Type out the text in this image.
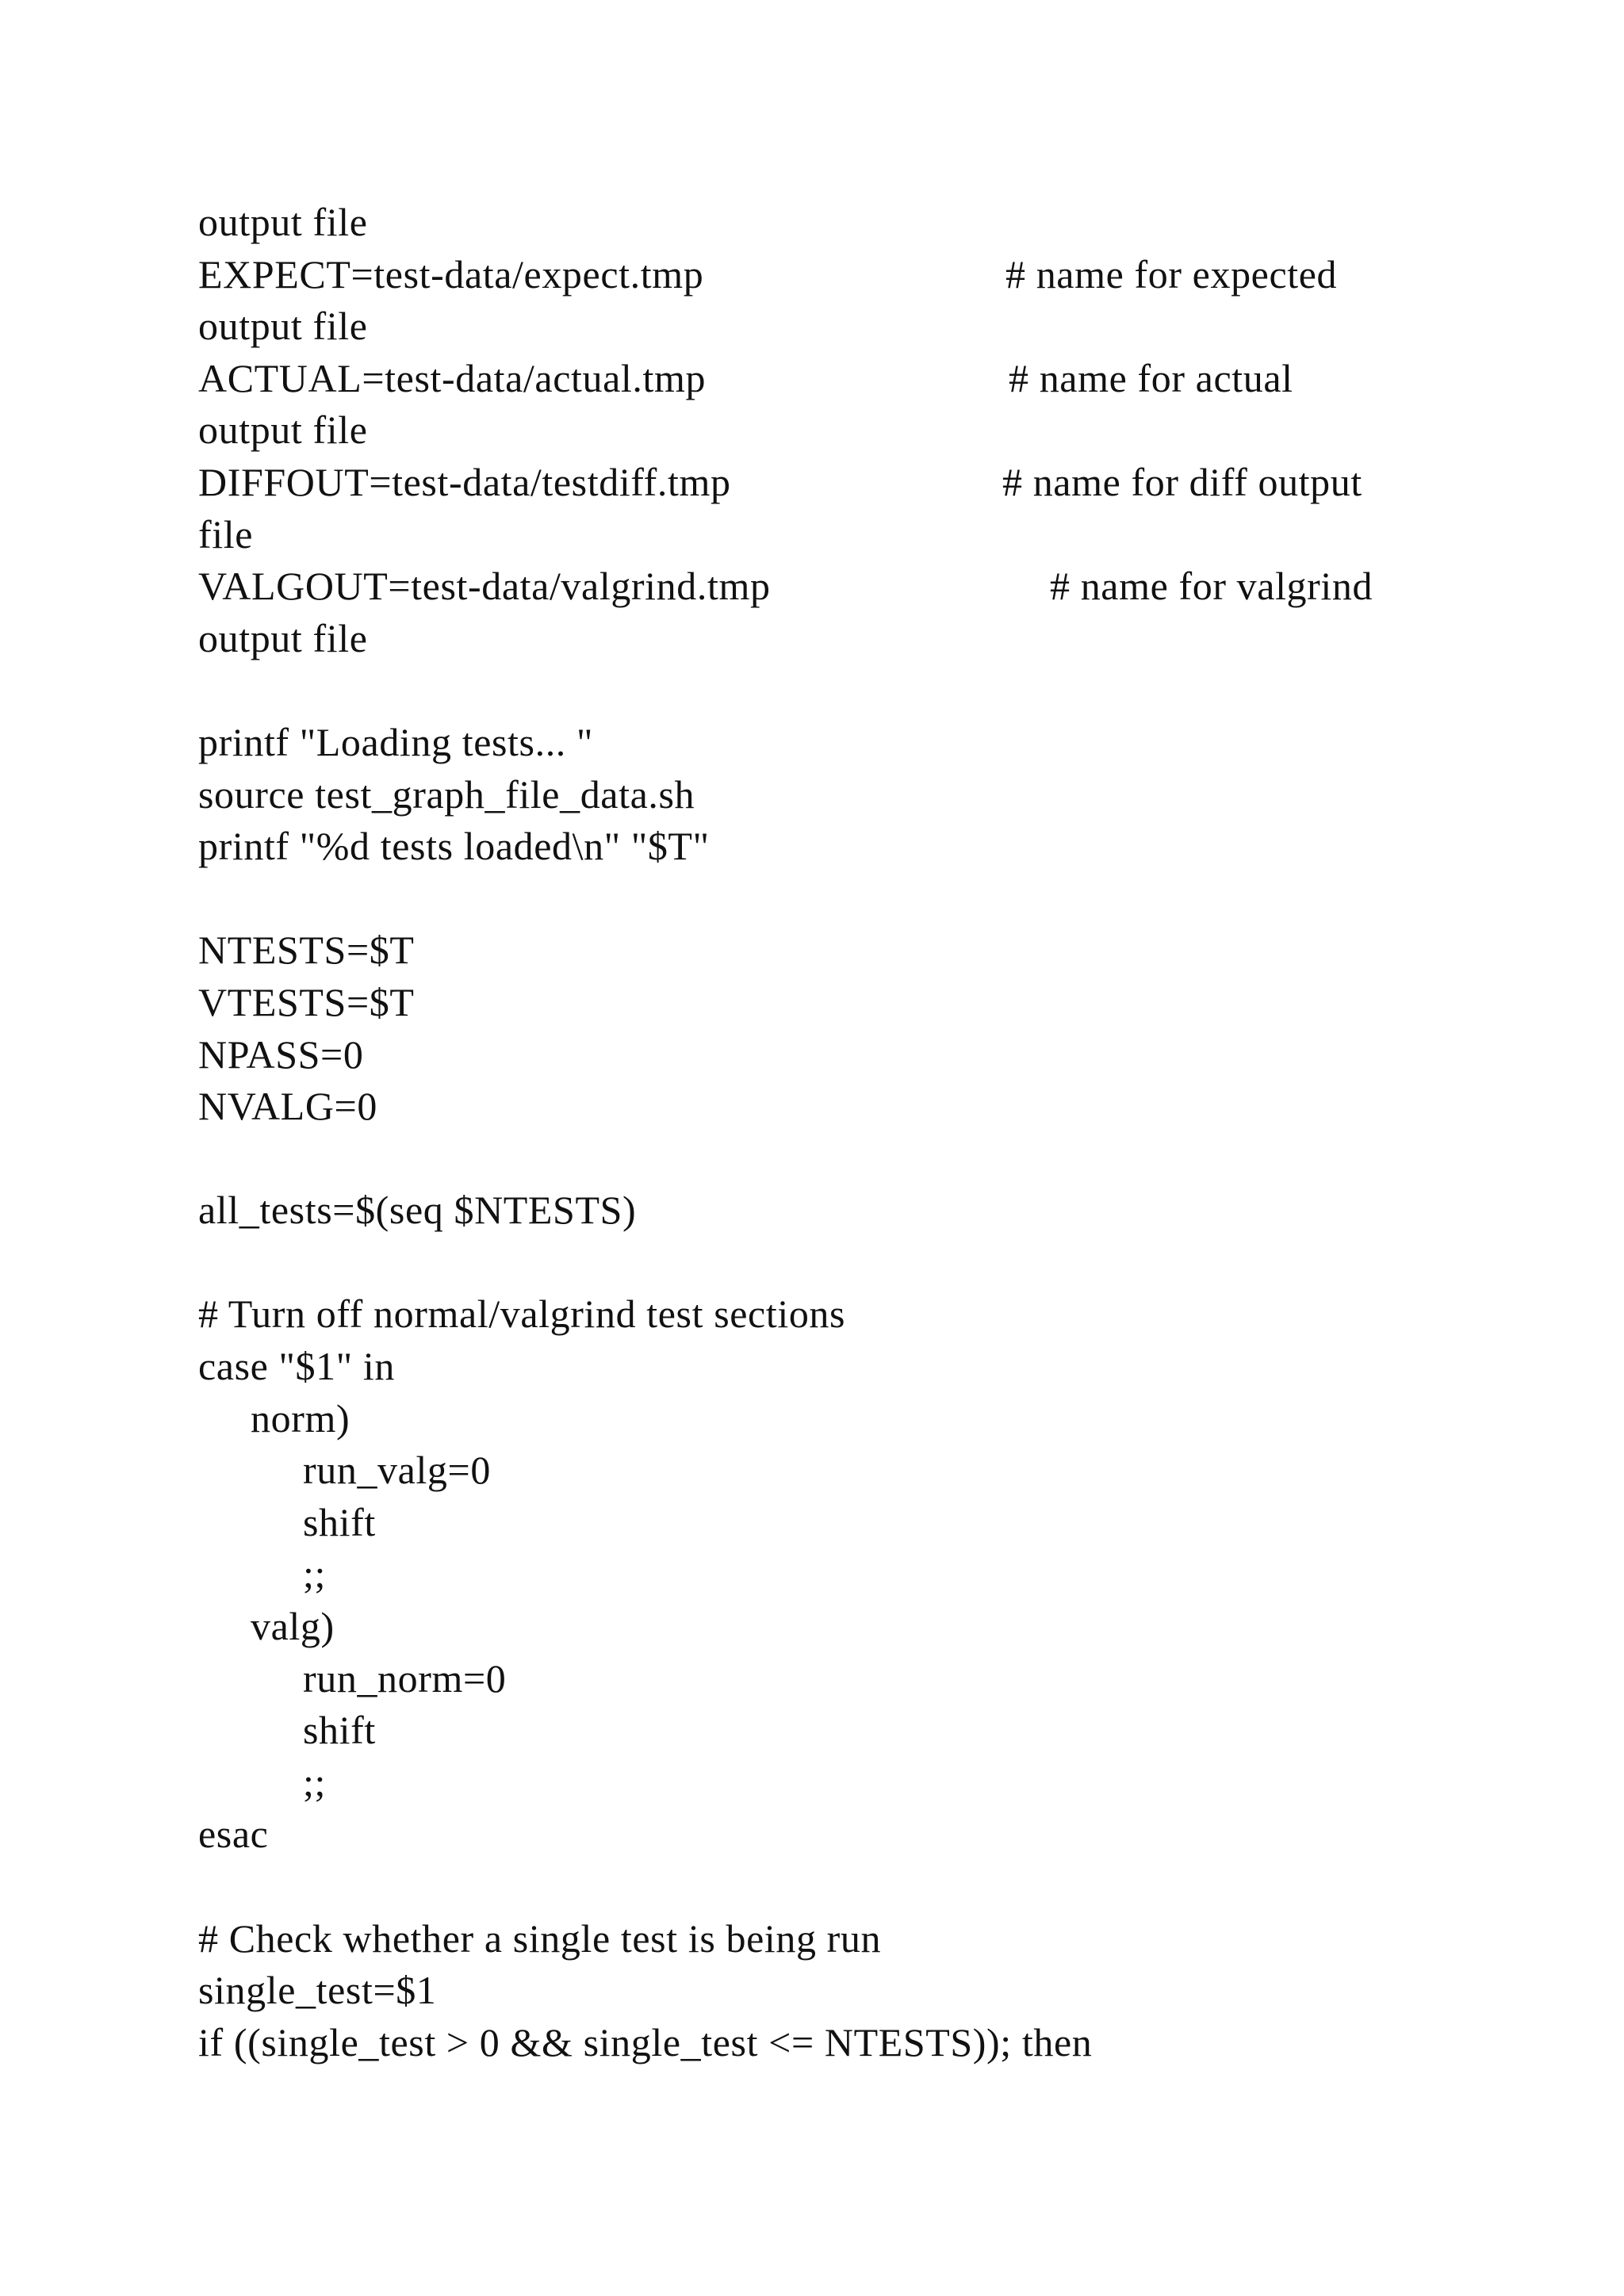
output file
EXPECT=test-data/expect.tmp	# name for expected
output file
ACTUAL=test-data/actual.tmp	# name for actual
output file
DIFFOUT=test-data/testdiff.tmp	# name for diff output
file
VALGOUT=test-data/valgrind.tmp	# name for valgrind
output file
printf "Loading tests... "
source test_graph_file_data.sh
printf "%d tests loaded\n" "$T"
NTESTS=$T
VTESTS=$T
NPASS=0
NVALG=0
all_tests=$(seq $NTESTS)
# Turn off normal/valgrind test sections
case "$1" in
norm)
run_valg=0
shift
;;
valg)
run_norm=0
shift
;;
esac
# Check whether a single test is being run
single_test=$1
if ((single_test > 0 && single_test <= NTESTS)); then
